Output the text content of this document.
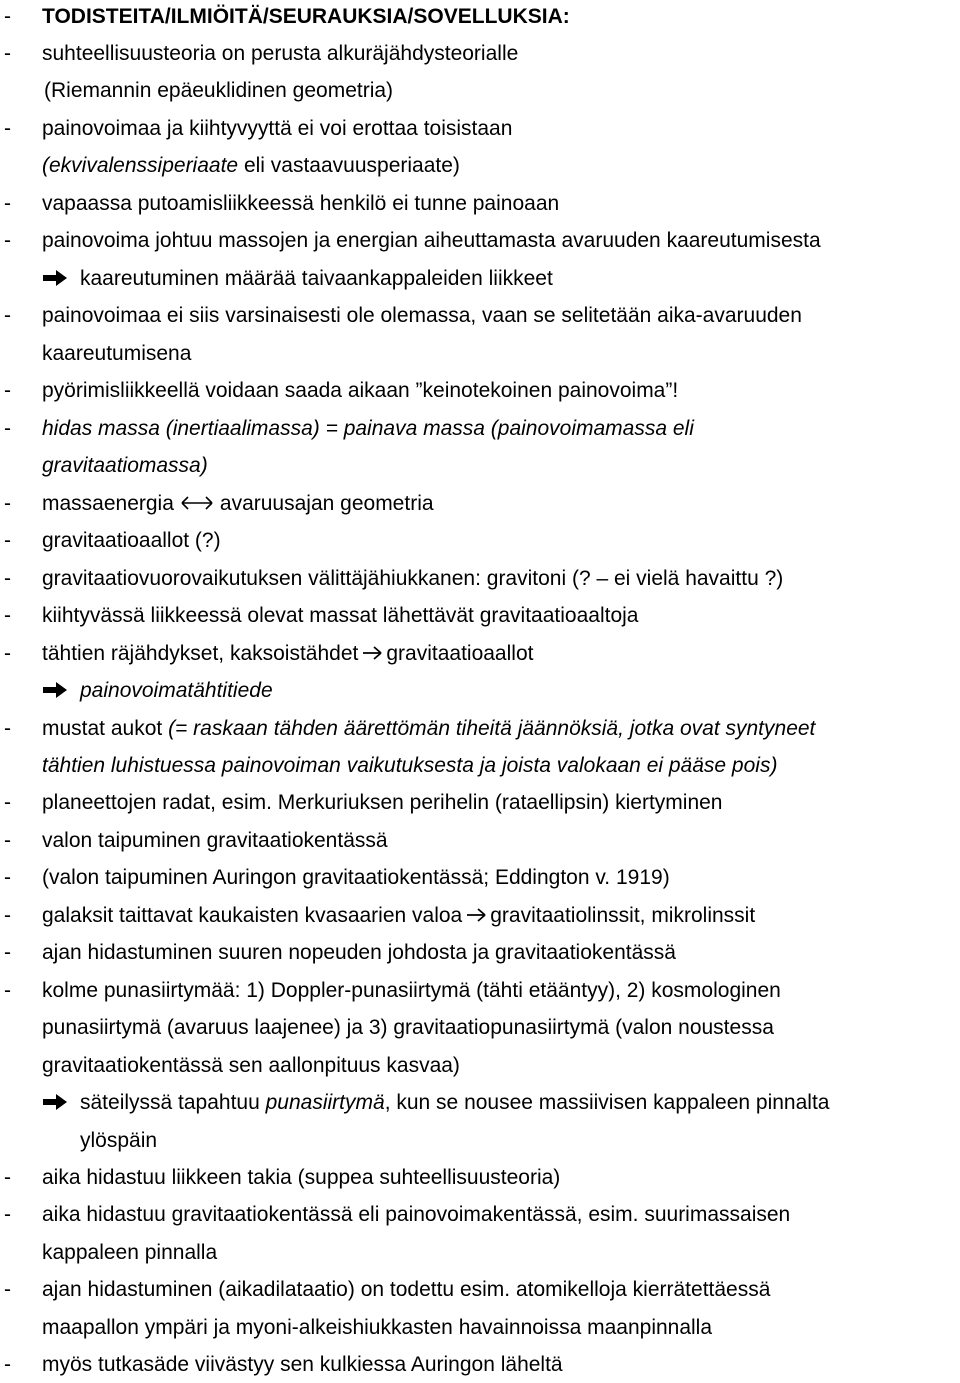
- TODISTEITA/ILMIÖITÄ/SEURAUKSIA/SOVELLUKSIA:
- suhteellisuusteoria on perusta alkuräjähdysteorialle
(Riemannin epäeuklidinen geometria)
- painovoimaa ja kiihtyvyyttä ei voi erottaa toisistaan
(ekvivalenssiperiaate eli vastaavuusperiaate)
- vapaassa putoamisliikkeessä henkilö ei tunne painoaan
- painovoima johtuu massojen ja energian aiheuttamasta avaruuden kaareutumisesta
kaareutuminen määrää taivaankappaleiden liikkeet
- painovoimaa ei siis varsinaisesti ole olemassa, vaan se selitetään aika-avaruuden
kaareutumisena
- pyörimisliikkeellä voidaan saada aikaan ”keinotekoinen painovoima”!
- hidas massa (inertiaalimassa) = painava massa (painovoimamassa eli
gravitaatiomassa)
- massaenergia avaruusajan geometria
- gravitaatioaallot (?)
- gravitaatiovuorovaikutuksen välittäjähiukkanen: gravitoni (? – ei vielä havaittu ?)
- kiihtyvässä liikkeessä olevat massat lähettävät gravitaatioaaltoja
- tähtien räjähdykset, kaksoistähdet gravitaatioaallot
painovoimatähtitiede
- mustat aukot (= raskaan tähden äärettömän tiheitä jäännöksiä, jotka ovat syntyneet
tähtien luhistuessa painovoiman vaikutuksesta ja joista valokaan ei pääse pois)
- planeettojen radat, esim. Merkuriuksen perihelin (rataellipsin) kiertyminen
- valon taipuminen gravitaatiokentässä
- (valon taipuminen Auringon gravitaatiokentässä; Eddington v. 1919)
- galaksit taittavat kaukaisten kvasaarien valoa gravitaatiolinssit, mikrolinssit
- ajan hidastuminen suuren nopeuden johdosta ja gravitaatiokentässä
- kolme punasiirtymää: 1) Doppler-punasiirtymä (tähti etääntyy), 2) kosmologinen
punasiirtymä (avaruus laajenee) ja 3) gravitaatiopunasiirtymä (valon noustessa
gravitaatiokentässä sen aallonpituus kasvaa)
säteilyssä tapahtuu punasiirtymä, kun se nousee massiivisen kappaleen pinnalta
ylöspäin
- aika hidastuu liikkeen takia (suppea suhteellisuusteoria)
- aika hidastuu gravitaatiokentässä eli painovoimakentässä, esim. suurimassaisen
kappaleen pinnalla
- ajan hidastuminen (aikadilataatio) on todettu esim. atomikelloja kierrätettäessä
maapallon ympäri ja myoni-alkeishiukkasten havainnoissa maanpinnalla
- myös tutkasäde viivästyy sen kulkiessa Auringon läheltä
